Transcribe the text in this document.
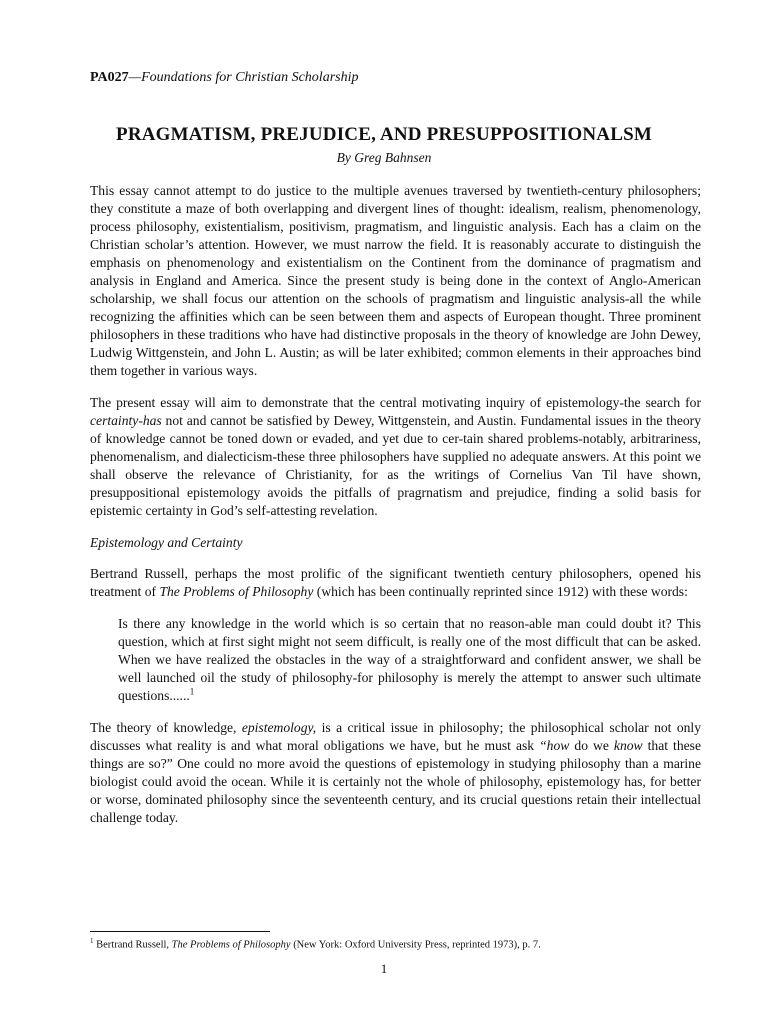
PA027—Foundations for Christian Scholarship
PRAGMATISM, PREJUDICE, AND PRESUPPOSITIONALSM
By Greg Bahnsen

This essay cannot attempt to do justice to the multiple avenues traversed by twentieth-century philosophers; they constitute a maze of both overlapping and divergent lines of thought: idealism, realism, phenomenology, process philosophy, existentialism, positivism, pragmatism, and linguistic analysis. Each has a claim on the Christian scholar’s attention. However, we must narrow the field. It is reasonably accurate to distinguish the emphasis on phenomenology and existentialism on the Continent from the dominance of pragmatism and analysis in England and America. Since the present study is being done in the context of Anglo-American scholarship, we shall focus our attention on the schools of pragmatism and linguistic analysis-all the while recognizing the affinities which can be seen between them and aspects of European thought. Three prominent philosophers in these traditions who have had distinctive proposals in the theory of knowledge are John Dewey, Ludwig Wittgenstein, and John L. Austin; as will be later exhibited; common elements in their approaches bind them together in various ways.

The present essay will aim to demonstrate that the central motivating inquiry of epistemology-the search for certainty-has not and cannot be satisfied by Dewey, Wittgenstein, and Austin. Fundamental issues in the theory of knowledge cannot be toned down or evaded, and yet due to cer-tain shared problems-notably, arbitrariness, phenomenalism, and dialecticism-these three philosophers have supplied no adequate answers. At this point we shall observe the relevance of Christianity, for as the writings of Cornelius Van Til have shown, presuppositional epistemology avoids the pitfalls of pragrnatism and prejudice, finding a solid basis for epistemic certainty in God’s self-attesting revelation.

Epistemology and Certainty

Bertrand Russell, perhaps the most prolific of the significant twentieth century philosophers, opened his treatment of The Problems of Philosophy (which has been continually reprinted since 1912) with these words:

Is there any knowledge in the world which is so certain that no reason-able man could doubt it? This question, which at first sight might not seem difficult, is really one of the most difficult that can be asked. When we have realized the obstacles in the way of a straightforward and confident answer, we shall be well launched oil the study of philosophy-for philosophy is merely the attempt to answer such ultimate questions......$^1$

The theory of knowledge, epistemology, is a critical issue in philosophy; the philosophical scholar not only discusses what reality is and what moral obligations we have, but he must ask “how do we know that these things are so?” One could no more avoid the questions of epistemology in studying philosophy than a marine biologist could avoid the ocean. While it is certainly not the whole of philosophy, epistemology has, for better or worse, dominated philosophy since the seventeenth century, and its crucial questions retain their intellectual challenge today.

$^1$ Bertrand Russell, The Problems of Philosophy (New York: Oxford University Press, reprinted 1973), p. 7.
1
